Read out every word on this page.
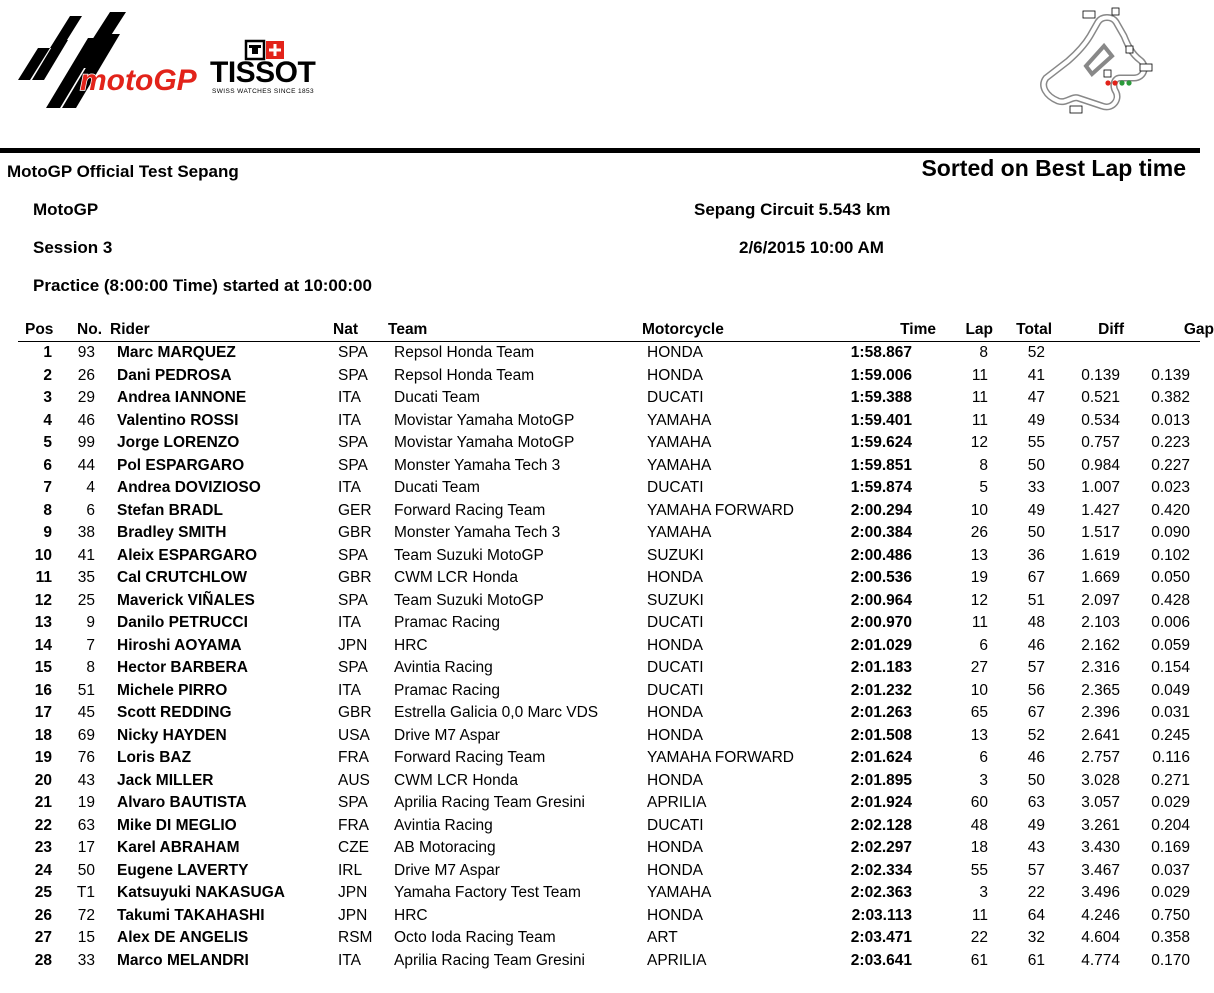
motoGP TISSOT
SWISS WATCHES SINCE 1853
MotoGP Official Test Sepang	Sorted on Best Lap time
MotoGP
Session 3
Practice (8:00:00 Time) started at 10:00:00
Sepang Circuit 5.543 km
2/6/2015 10:00 AM
Pos	No. Rider	Nat Team	Motorcycle	Time	Lap	Total	Diff	Gap
1	93 Marc MARQUEZ	SPA Repsol Honda Team	HONDA	1:58.867	8	52
2	26 Dani PEDROSA	SPA Repsol Honda Team	HONDA	1:59.006	11	41	0.139	0.139
3	29 Andrea IANNONE	ITA Ducati Team	DUCATI	1:59.388	11	47	0.521	0.382
4	46 Valentino ROSSI	ITA Movistar Yamaha MotoGP	YAMAHA	1:59.401	11	49	0.534	0.013
5	99 Jorge LORENZO	SPA Movistar Yamaha MotoGP	YAMAHA	1:59.624	12	55	0.757	0.223
6	44 Pol ESPARGARO	SPA Monster Yamaha Tech 3	YAMAHA	1:59.851	8	50	0.984	0.227
7	4 Andrea DOVIZIOSO	ITA Ducati Team	DUCATI	1:59.874	5	33	1.007	0.023
8	6 Stefan BRADL	GER Forward Racing Team	YAMAHA FORWARD	2:00.294	10	49	1.427	0.420
9	38 Bradley SMITH	GBR Monster Yamaha Tech 3	YAMAHA	2:00.384	26	50	1.517	0.090
10	41 Aleix ESPARGARO	SPA Team Suzuki MotoGP	SUZUKI	2:00.486	13	36	1.619	0.102
11	35 Cal CRUTCHLOW	GBR CWM LCR Honda	HONDA	2:00.536	19	67	1.669	0.050
12	25 Maverick VIÑALES	SPA Team Suzuki MotoGP	SUZUKI	2:00.964	12	51	2.097	0.428
13	9 Danilo PETRUCCI	ITA Pramac Racing	DUCATI	2:00.970	11	48	2.103	0.006
14	7 Hiroshi AOYAMA	JPN HRC	HONDA	2:01.029	6	46	2.162	0.059
15	8 Hector BARBERA	SPA Avintia Racing	DUCATI	2:01.183	27	57	2.316	0.154
16	51 Michele PIRRO	ITA Pramac Racing	DUCATI	2:01.232	10	56	2.365	0.049
17	45 Scott REDDING	GBR Estrella Galicia 0,0 Marc VDS	HONDA	2:01.263	65	67	2.396	0.031
18	69 Nicky HAYDEN	USA Drive M7 Aspar	HONDA	2:01.508	13	52	2.641	0.245
19	76 Loris BAZ	FRA Forward Racing Team	YAMAHA FORWARD	2:01.624	6	46	2.757	0.116
20	43 Jack MILLER	AUS CWM LCR Honda	HONDA	2:01.895	3	50	3.028	0.271
21	19 Alvaro BAUTISTA	SPA Aprilia Racing Team Gresini	APRILIA	2:01.924	60	63	3.057	0.029
22	63 Mike DI MEGLIO	FRA Avintia Racing	DUCATI	2:02.128	48	49	3.261	0.204
23	17 Karel ABRAHAM	CZE AB Motoracing	HONDA	2:02.297	18	43	3.430	0.169
24	50 Eugene LAVERTY	IRL Drive M7 Aspar	HONDA	2:02.334	55	57	3.467	0.037
25	T1 Katsuyuki NAKASUGA	JPN Yamaha Factory Test Team	YAMAHA	2:02.363	3	22	3.496	0.029
26	72 Takumi TAKAHASHI	JPN HRC	HONDA	2:03.113	11	64	4.246	0.750
27	15 Alex DE ANGELIS	RSM Octo Ioda Racing Team	ART	2:03.471	22	32	4.604	0.358
28	33 Marco MELANDRI	ITA Aprilia Racing Team Gresini	APRILIA	2:03.641	61	61	4.774	0.170
